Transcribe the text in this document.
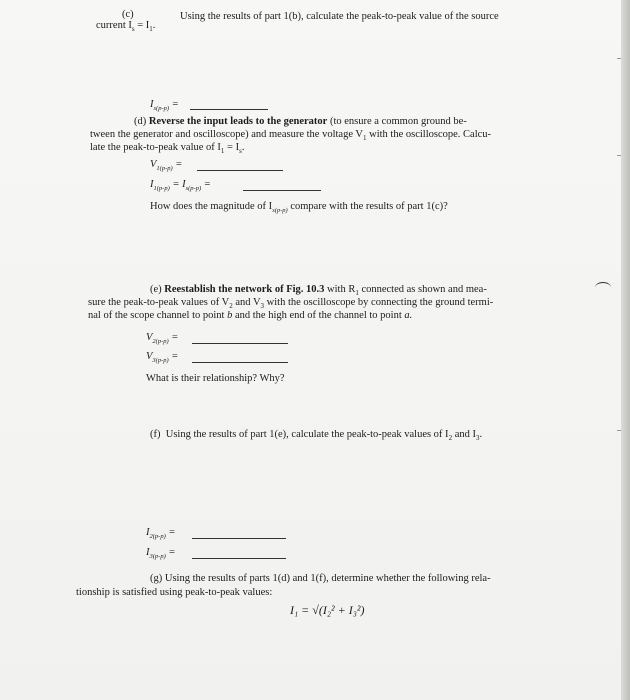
(c)	Using the results of part 1(b), calculate the peak-to-peak value of the source
current $I_s = I_1$.
$I_{s(p-p)}$ =
(d) Reverse the input leads to the generator (to ensure a common ground be-
tween the generator and oscilloscope) and measure the voltage $V_1$ with the oscilloscope. Calcu-
late the peak-to-peak value of $I_1 = I_s$.
$V_{1(p-p)}$ =
$I_{1(p-p)} = I_{s(p-p)}$ =
How does the magnitude of $I_{s(p-p)}$ compare with the results of part 1(c)?
(e) Reestablish the network of Fig. 10.3 with $R_1$ connected as shown and mea-
sure the peak-to-peak values of $V_2$ and $V_3$ with the oscilloscope by connecting the ground termi-
nal of the scope channel to point b and the high end of the channel to point a.
$V_{2(p-p)}$ =
$V_{3(p-p)}$ =
What is their relationship? Why?
(f) Using the results of part 1(e), calculate the peak-to-peak values of $I_2$ and $I_3$.
$I_{2(p-p)}$ =
$I_{3(p-p)}$ =
(g) Using the results of parts 1(d) and 1(f), determine whether the following rela-
tionship is satisfied using peak-to-peak values:
I₁ = √(I₂² + I₃²)
